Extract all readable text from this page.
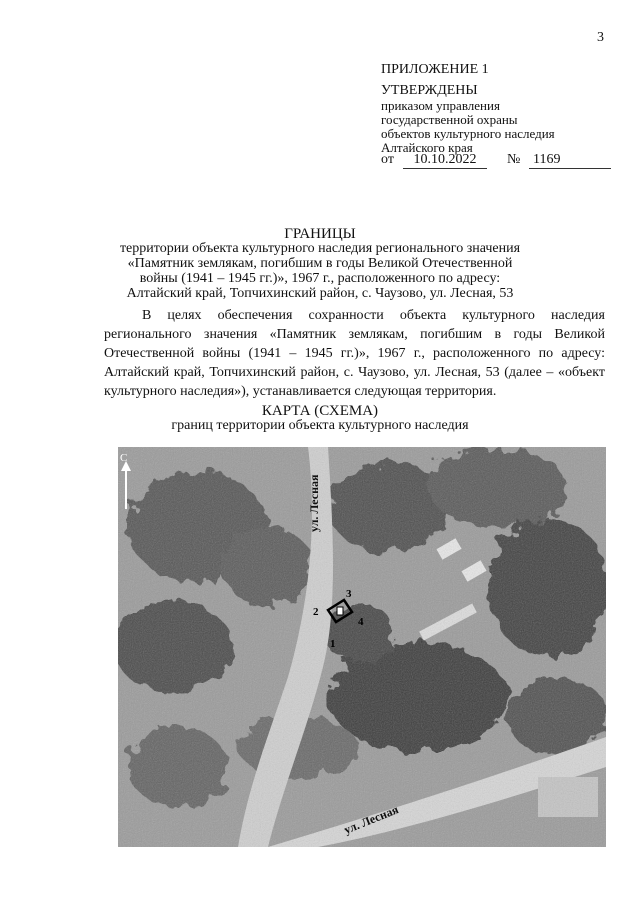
3
ПРИЛОЖЕНИЕ 1
УТВЕРЖДЕНЫ
приказом управления
государственной охраны
объектов культурного наследия
Алтайского края
от	10.10.2022	№ 1169
ГРАНИЦЫ
территории объекта культурного наследия регионального значения
«Памятник землякам, погибшим в годы Великой Отечественной
войны (1941 – 1945 гг.)», 1967 г., расположенного по адресу:
Алтайский край, Топчихинский район, с. Чаузово, ул. Лесная, 53

В целях обеспечения сохранности объекта культурного наследия регионального значения «Памятник землякам, погибшим в годы Великой Отечественной войны (1941 – 1945 гг.)», 1967 г., расположенного по адресу: Алтайский край, Топчихинский район, с. Чаузово, ул. Лесная, 53 (далее – «объект культурного наследия»), устанавливается следующая территория.

КАРТА (СХЕМА)
границ территории объекта культурного наследия
1
2
3
4
С
ул. Лесная
ул. Лесная
